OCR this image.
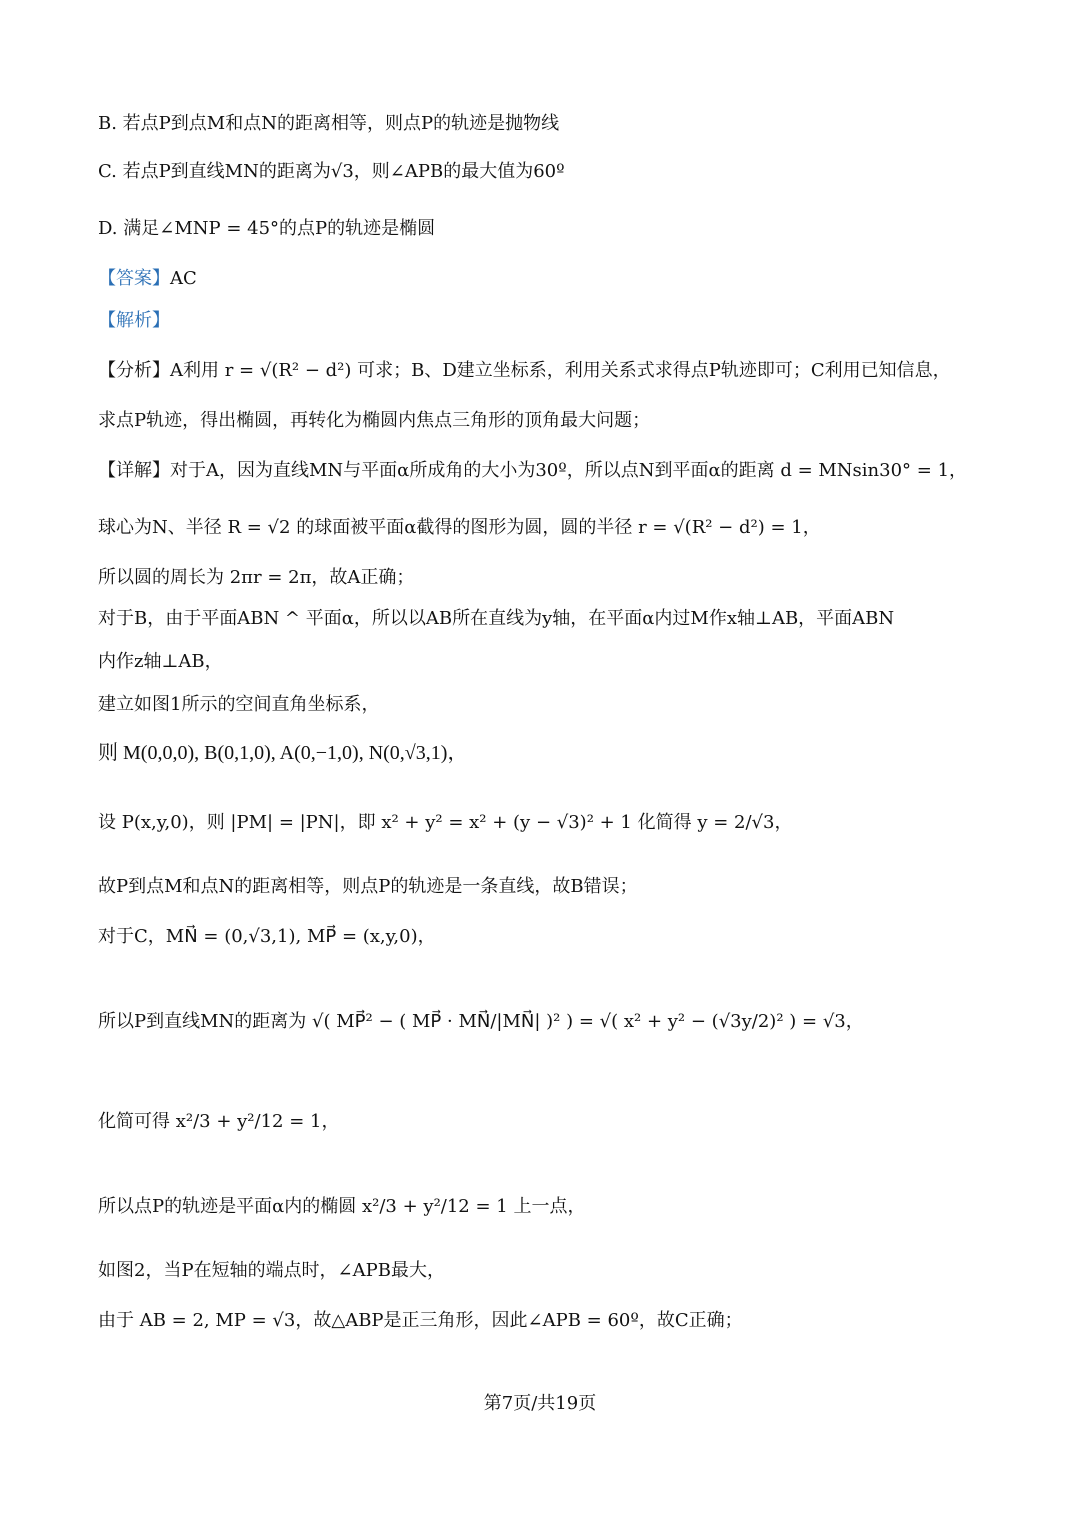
B. 若点P到点M和点N的距离相等，则点P的轨迹是抛物线
C. 若点P到直线MN的距离为√3，则∠APB的最大值为60º
D. 满足∠MNP = 45°的点P的轨迹是椭圆
【答案】AC
【解析】
【分析】A利用 r = √(R² − d²) 可求；B、D建立坐标系，利用关系式求得点P轨迹即可；C利用已知信息，
求点P轨迹，得出椭圆，再转化为椭圆内焦点三角形的顶角最大问题；
【详解】对于A，因为直线MN与平面α所成角的大小为30º，所以点N到平面α的距离 d = MNsin30° = 1，
球心为N、半径 R = √2 的球面被平面α截得的图形为圆，圆的半径 r = √(R² − d²) = 1，
所以圆的周长为 2πr = 2π，故A正确；
对于B，由于平面ABN ^ 平面α，所以以AB所在直线为y轴，在平面α内过M作x轴⊥AB，平面ABN
内作z轴⊥AB，
建立如图1所示的空间直角坐标系，
则 M(0,0,0), B(0,1,0), A(0,−1,0), N(0,√3,1)，
设 P(x,y,0)，则 |PM| = |PN|，即 x² + y² = x² + (y − √3)² + 1 化简得 y = 2/√3，
故P到点M和点N的距离相等，则点P的轨迹是一条直线，故B错误；
对于C，MN⃗ = (0,√3,1), MP⃗ = (x,y,0)，
所以P到直线MN的距离为 √( MP⃗² − ( MP⃗ · MN⃗/|MN⃗| )² ) = √( x² + y² − (√3y/2)² ) = √3，
化简可得 x²/3 + y²/12 = 1，
所以点P的轨迹是平面α内的椭圆 x²/3 + y²/12 = 1 上一点，
如图2，当P在短轴的端点时，∠APB最大，
由于 AB = 2, MP = √3，故△ABP是正三角形，因此∠APB = 60º，故C正确；
第7页/共19页
